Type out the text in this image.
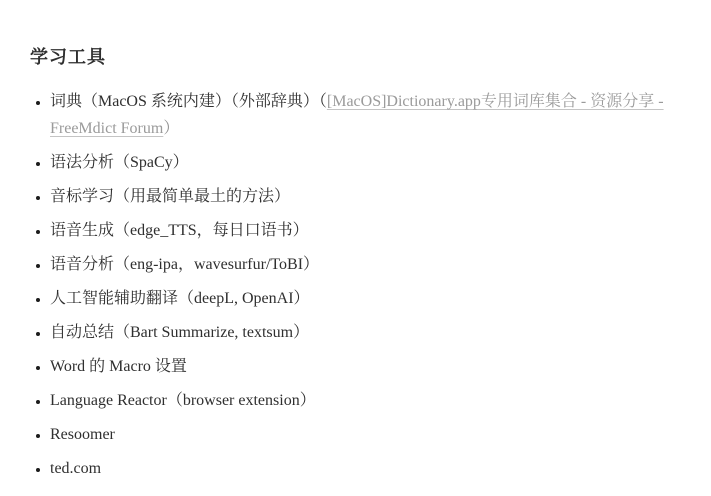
学习工具
• 词典（MacOS 系统内建）（外部辞典）（[MacOS]Dictionary.app专用词库集合 - 资源分享 - FreeMdict Forum）
• 语法分析（SpaCy）
• 音标学习（用最简单最土的方法）
• 语音生成（edge_TTS，每日口语书）
• 语音分析（eng-ipa，wavesurfur/ToBI）
• 人工智能辅助翻译（deepL, OpenAI）
• 自动总结（Bart Summarize, textsum）
• Word 的 Macro 设置
• Language Reactor（browser extension）
• Resoomer
• ted.com
